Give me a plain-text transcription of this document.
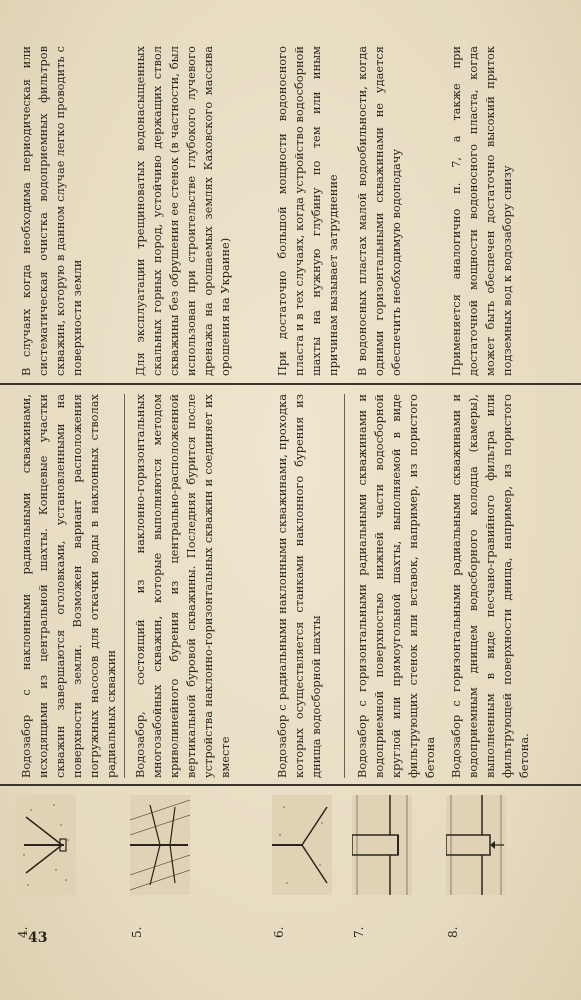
4.
Водозабор с наклонными радиальными скважинами, исходящими из центральной шахты. Концевые участки скважин завершаются оголовками, установленными на поверхности земли. Возможен вариант расположения погружных насосов для откачки воды в наклонных стволах радиальных скважин
В случаях когда необходима периодическая или систематическая очистка водоприемных фильтров скважин, которую в данном случае легко проводить с поверхности земли
5.
Водозабор, состоящий из наклонно-горизонтальных многозабойных скважин, которые выполняются методом криволинейного бурения из центрально-расположенной вертикальной буровой скважины. Последняя бурится после устройства наклонно-горизонтальных скважин и соединяет их вместе
Для эксплуатации трещиноватых водонасыщенных скальных горных пород, устойчиво держащих ствол скважины без обрушения ее стенок (в частности, был использован при строительстве глубокого лучевого дренажа на орошаемых землях Каховского массива орошения на Украине)
6.
Водозабор с радиальными наклонными скважинами, проходка которых осуществляется станками наклонного бурения из днища водосборной шахты
При достаточно большой мощности водоносного пласта и в тех случаях, когда устройство водосборной шахты на нужную глубину по тем или иным причинам вызывает затруднение
7.
Водозабор с горизонтальными радиальными скважинами и водоприемной поверхностью нижней части водосборной круглой или прямоугольной шахты, выполняемой в виде фильтрующих стенок или вставок, например, из пористого бетона
В водоносных пластах малой водообильности, когда одними горизонтальными скважинами не удается обеспечить необходимую водоподачу
8.
Водозабор с горизонтальными радиальными скважинами и водоприемным днищем водосборного колодца (камеры), выполненным в виде песчано-гравийного фильтра или фильтрующей поверхности днища, например, из пористого бетона.
Применяется аналогично п. 7, а также при достаточной мощности водоносного пласта, когда может быть обеспечен достаточно высокий приток подземных вод к водозабору снизу
43
